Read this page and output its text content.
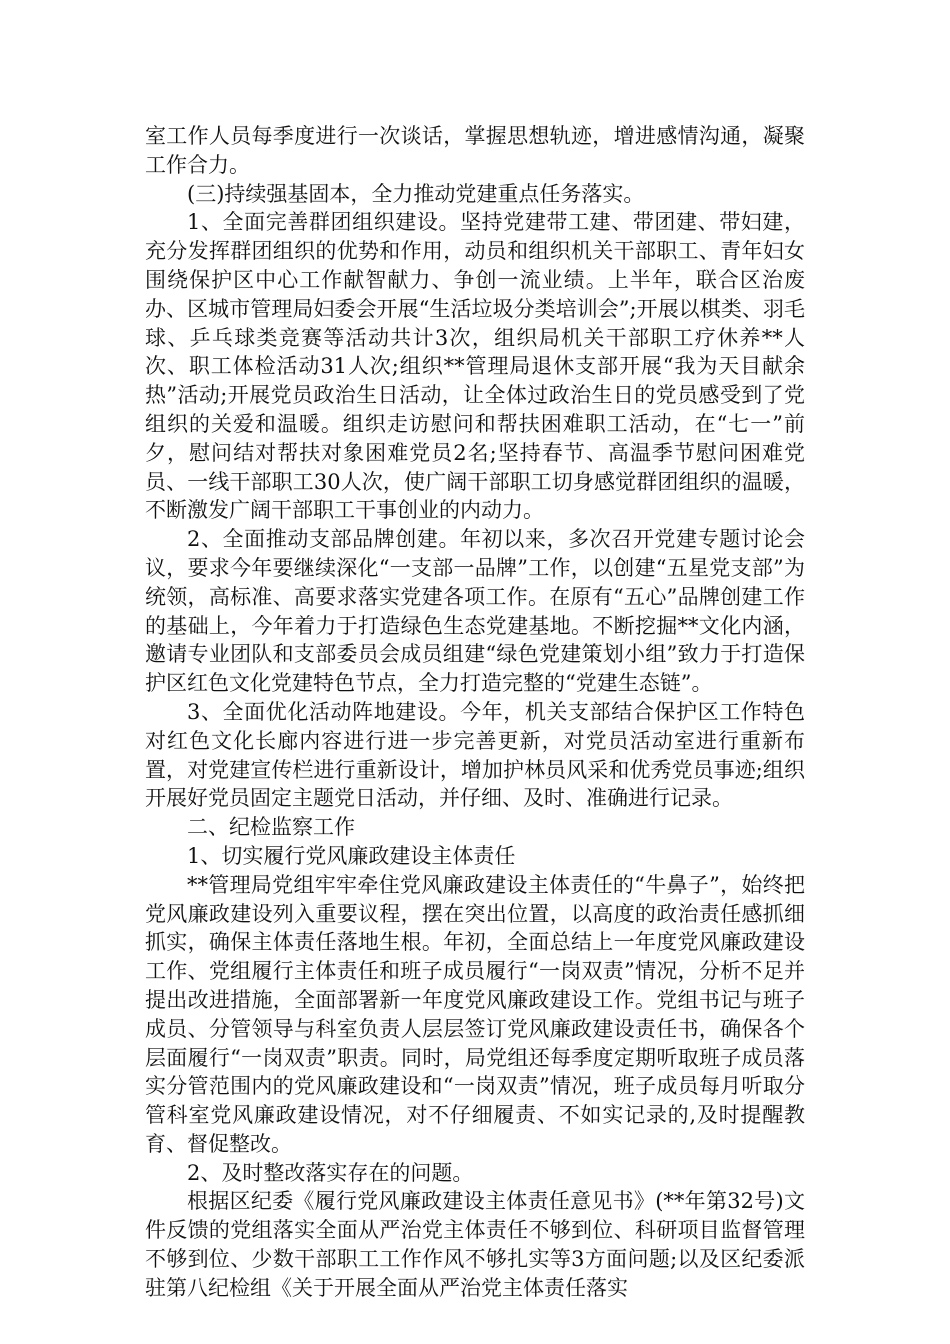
室工作人员每季度进行一次谈话，掌握思想轨迹，增进感情沟通，凝聚工作合力。

(三)持续强基固本，全力推动党建重点任务落实。

1、全面完善群团组织建设。坚持党建带工建、带团建、带妇建，充分发挥群团组织的优势和作用，动员和组织机关干部职工、青年妇女围绕保护区中心工作献智献力、争创一流业绩。上半年，联合区治废办、区城市管理局妇委会开展“生活垃圾分类培训会”;开展以棋类、羽毛球、乒乓球类竞赛等活动共计3次，组织局机关干部职工疗休养**人次、职工体检活动31人次;组织**管理局退休支部开展“我为天目献余热”活动;开展党员政治生日活动，让全体过政治生日的党员感受到了党组织的关爱和温暖。组织走访慰问和帮扶困难职工活动，在“七一”前夕，慰问结对帮扶对象困难党员2名;坚持春节、高温季节慰问困难党员、一线干部职工30人次，使广阔干部职工切身感觉群团组织的温暖，不断激发广阔干部职工干事创业的内动力。

2、全面推动支部品牌创建。年初以来，多次召开党建专题讨论会议，要求今年要继续深化“一支部一品牌”工作，以创建“五星党支部”为统领，高标准、高要求落实党建各项工作。在原有“五心”品牌创建工作的基础上，今年着力于打造绿色生态党建基地。不断挖掘**文化内涵，邀请专业团队和支部委员会成员组建“绿色党建策划小组”致力于打造保护区红色文化党建特色节点，全力打造完整的“党建生态链”。

3、全面优化活动阵地建设。今年，机关支部结合保护区工作特色对红色文化长廊内容进行进一步完善更新，对党员活动室进行重新布置，对党建宣传栏进行重新设计，增加护林员风采和优秀党员事迹;组织开展好党员固定主题党日活动，并仔细、及时、准确进行记录。

二、纪检监察工作

1、切实履行党风廉政建设主体责任

**管理局党组牢牢牵住党风廉政建设主体责任的“牛鼻子”，始终把党风廉政建设列入重要议程，摆在突出位置，以高度的政治责任感抓细抓实，确保主体责任落地生根。年初，全面总结上一年度党风廉政建设工作、党组履行主体责任和班子成员履行“一岗双责”情况，分析不足并提出改进措施，全面部署新一年度党风廉政建设工作。党组书记与班子成员、分管领导与科室负责人层层签订党风廉政建设责任书，确保各个层面履行“一岗双责”职责。同时，局党组还每季度定期听取班子成员落实分管范围内的党风廉政建设和“一岗双责”情况，班子成员每月听取分管科室党风廉政建设情况，对不仔细履责、不如实记录的,及时提醒教育、督促整改。

2、及时整改落实存在的问题。

根据区纪委《履行党风廉政建设主体责任意见书》(**年第32号)文件反馈的党组落实全面从严治党主体责任不够到位、科研项目监督管理不够到位、少数干部职工工作作风不够扎实等3方面问题;以及区纪委派驻第八纪检组《关于开展全面从严治党主体责任落实
